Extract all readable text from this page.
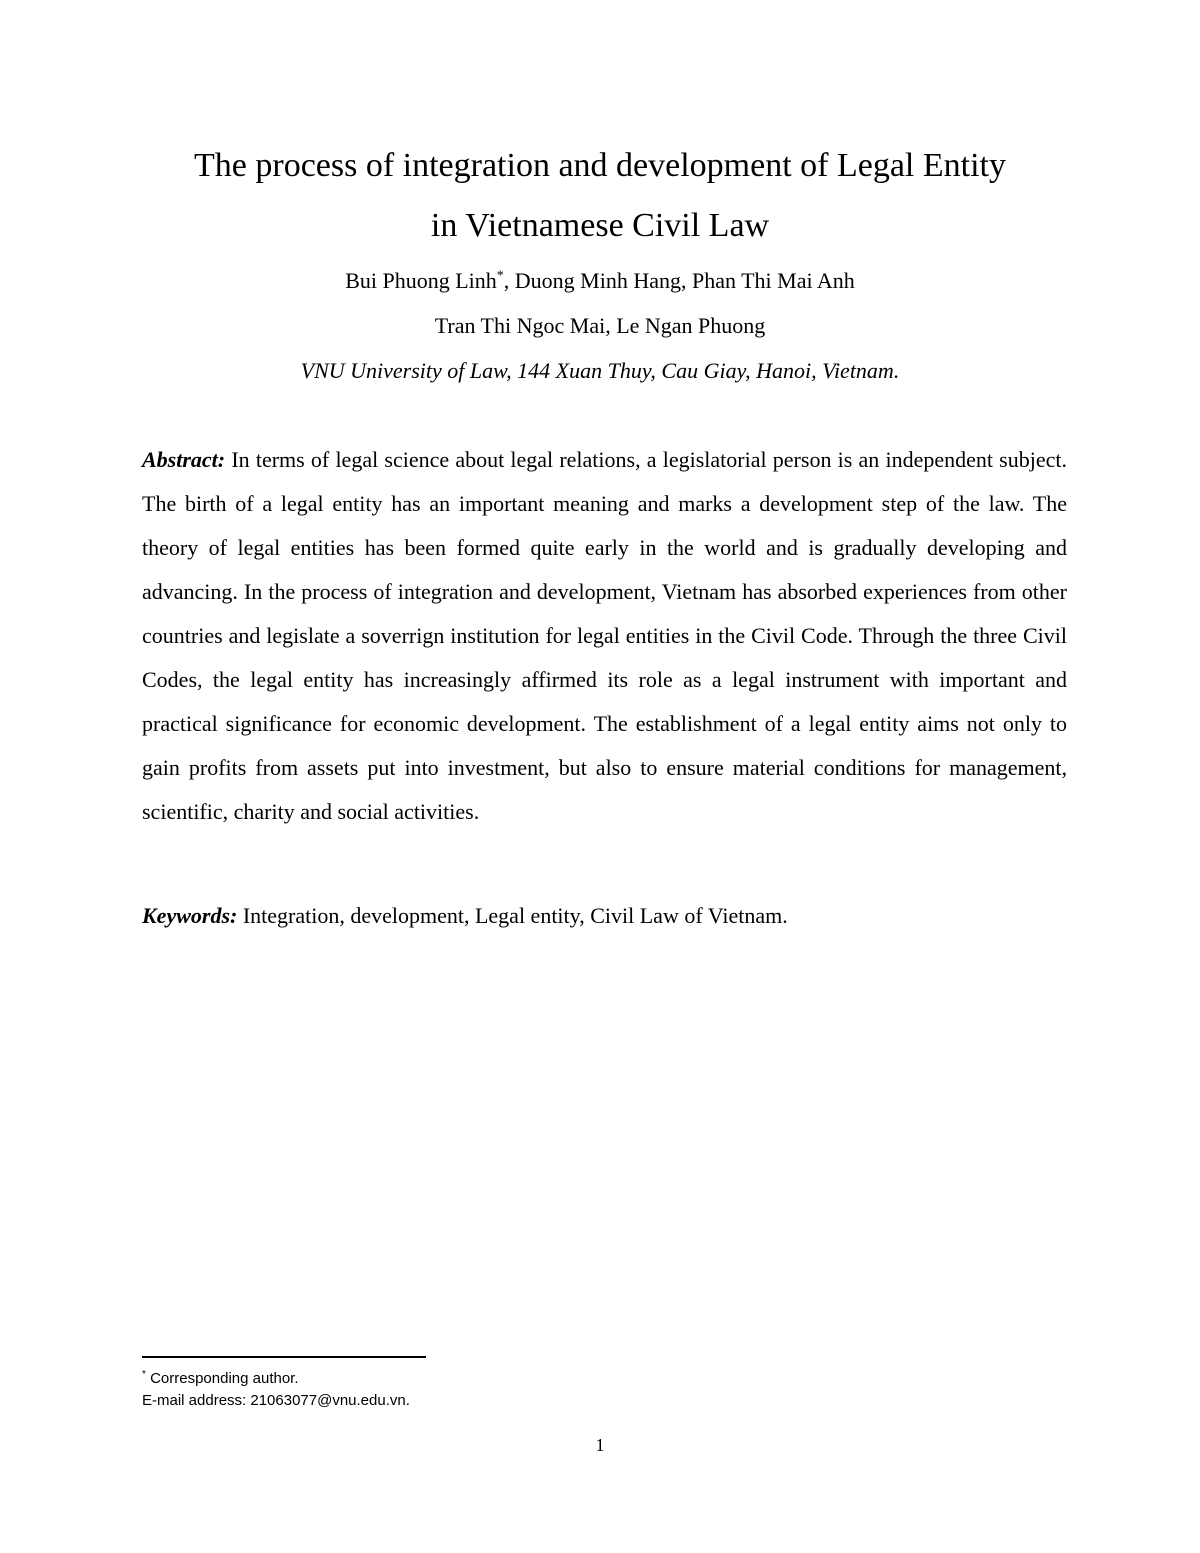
The process of integration and development of Legal Entity
in Vietnamese Civil Law
Bui Phuong Linh*, Duong Minh Hang, Phan Thi Mai Anh
Tran Thi Ngoc Mai, Le Ngan Phuong
VNU University of Law, 144 Xuan Thuy, Cau Giay, Hanoi, Vietnam.

Abstract: In terms of legal science about legal relations, a legislatorial person is an independent subject. The birth of a legal entity has an important meaning and marks a development step of the law. The theory of legal entities has been formed quite early in the world and is gradually developing and advancing. In the process of integration and development, Vietnam has absorbed experiences from other countries and legislate a soverrign institution for legal entities in the Civil Code. Through the three Civil Codes, the legal entity has increasingly affirmed its role as a legal instrument with important and practical significance for economic development. The establishment of a legal entity aims not only to gain profits from assets put into investment, but also to ensure material conditions for management, scientific, charity and social activities.

Keywords: Integration, development, Legal entity, Civil Law of Vietnam.

* Corresponding author.
E-mail address: 21063077@vnu.edu.vn.
1
